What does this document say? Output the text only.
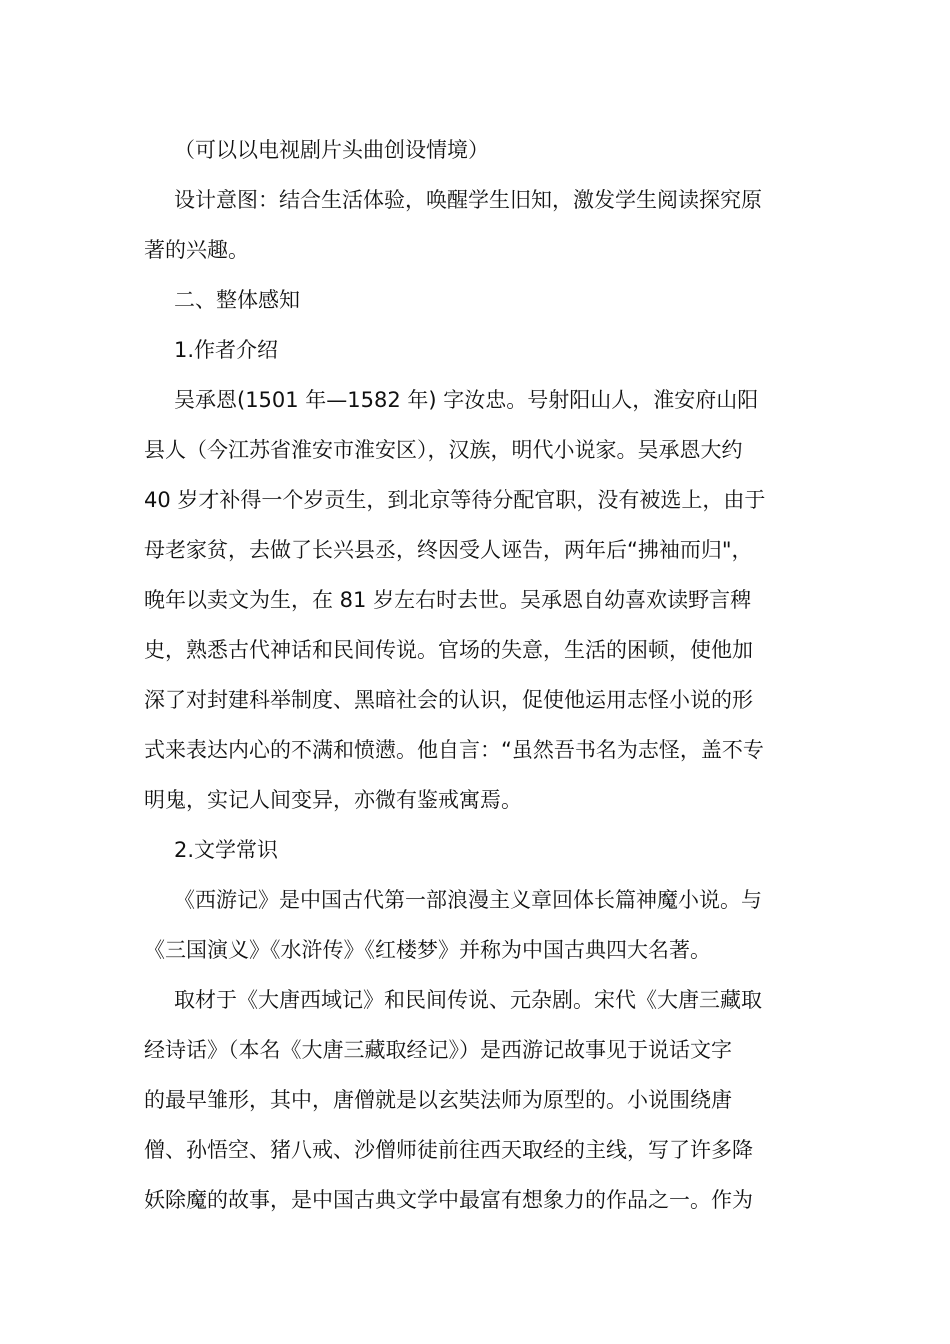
（可以以电视剧片头曲创设情境）
设计意图：结合生活体验，唤醒学生旧知，激发学生阅读探究原
著的兴趣。
二、整体感知
1.作者介绍
吴承恩(1501 年—1582 年) 字汝忠。号射阳山人，淮安府山阳
县人（今江苏省淮安市淮安区），汉族，明代小说家。吴承恩大约
40 岁才补得一个岁贡生，到北京等待分配官职，没有被选上，由于
母老家贫，去做了长兴县丞，终因受人诬告，两年后“拂袖而归"，
晚年以卖文为生，在 81 岁左右时去世。吴承恩自幼喜欢读野言稗
史，熟悉古代神话和民间传说。官场的失意，生活的困顿，使他加
深了对封建科举制度、黑暗社会的认识，促使他运用志怪小说的形
式来表达内心的不满和愤懑。他自言：“虽然吾书名为志怪，盖不专
明鬼，实记人间变异，亦微有鉴戒寓焉。
2.文学常识
《西游记》是中国古代第一部浪漫主义章回体长篇神魔小说。与
《三国演义》《水浒传》《红楼梦》并称为中国古典四大名著。
取材于《大唐西域记》和民间传说、元杂剧。宋代《大唐三藏取
经诗话》（本名《大唐三藏取经记》）是西游记故事见于说话文字
的最早雏形，其中，唐僧就是以玄奘法师为原型的。小说围绕唐
僧、孙悟空、猪八戒、沙僧师徒前往西天取经的主线，写了许多降
妖除魔的故事，是中国古典文学中最富有想象力的作品之一。作为
